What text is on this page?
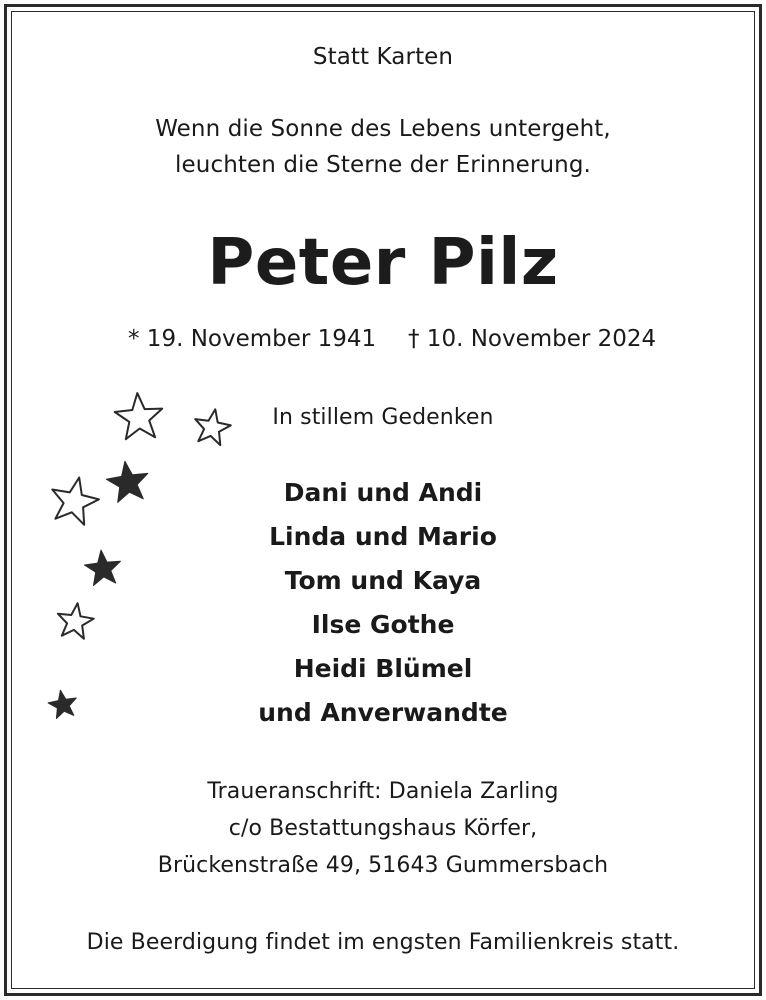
Statt Karten
Wenn die Sonne des Lebens untergeht,
leuchten die Sterne der Erinnerung.
Peter Pilz
* 19. November 1941 † 10. November 2024
In stillem Gedenken
Dani und Andi
Linda und Mario
Tom und Kaya
Ilse Gothe
Heidi Blümel
und Anverwandte
Traueranschrift: Daniela Zarling
c/o Bestattungshaus Körfer,
Brückenstraße 49, 51643 Gummersbach
Die Beerdigung findet im engsten Familienkreis statt.
